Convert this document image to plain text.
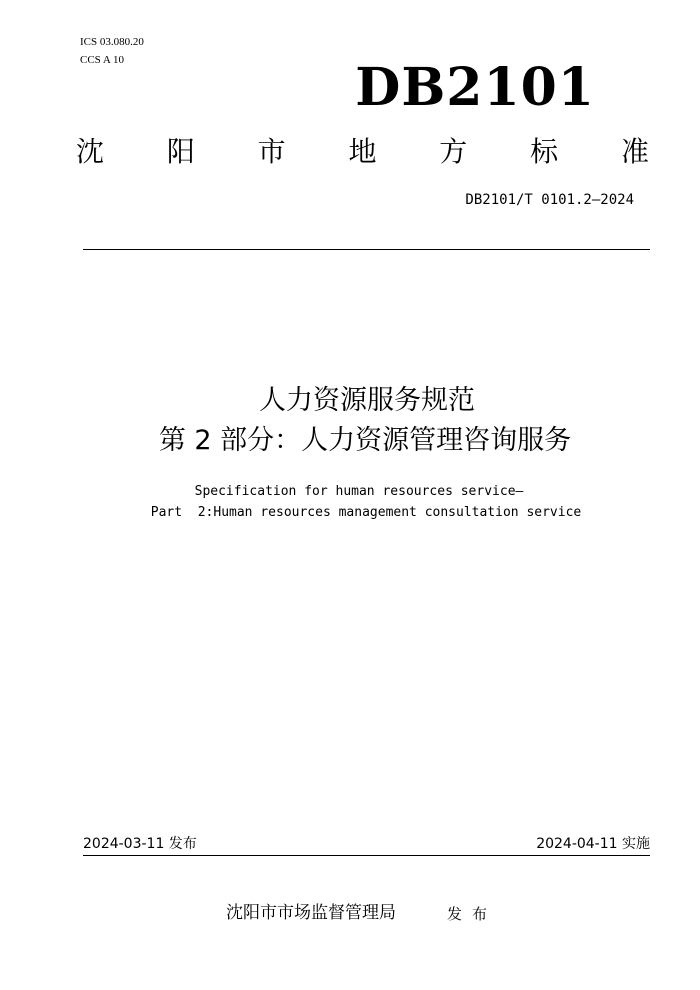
ICS 03.080.20
CCS A 10	DB2101
沈 阳 市 地 方 标 准
DB2101/T 0101.2—2024
人力资源服务规范
第 2 部分：人力资源管理咨询服务
Specification for human resources service—
Part  2:Human resources management consultation service
2024-03-11 发布	2024-04-11 实施
沈阳市市场监督管理局	发布
